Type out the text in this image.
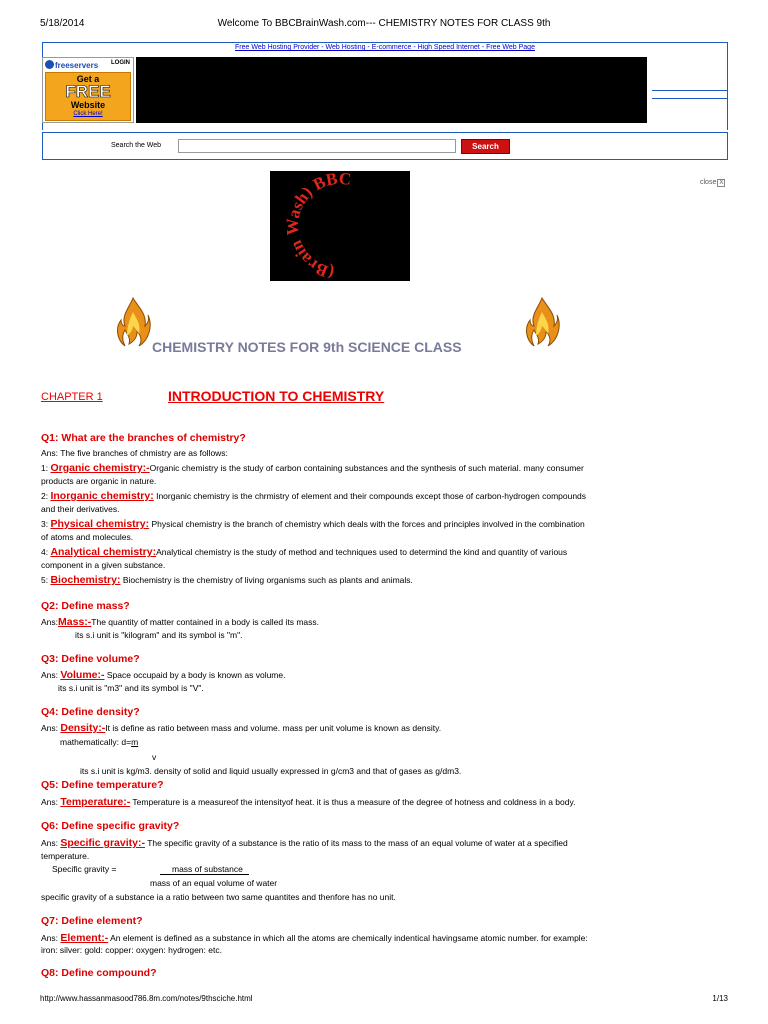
5/18/2014	Welcome To BBCBrainWash.com--- CHEMISTRY NOTES FOR CLASS 9th
Free Web Hosting Provider - Web Hosting - E-commerce - High Speed Internet - Free Web Page
freeservers LOGIN
Get a
FREE
Website
Click Here!
Search the Web	Search
(Brain Wash) BBC	close X
CHEMISTRY NOTES FOR 9th SCIENCE CLASS
CHAPTER 1	INTRODUCTION TO CHEMISTRY
Q1: What are the branches of chemistry?
Ans: The five branches of chmistry are as follows:
1: Organic chemistry:-Organic chemistry is the study of carbon containing substances and the synthesis of such material. many consumer
products are organic in nature.
2: Inorganic chemistry: Inorganic chemistry is the chrmistry of element and their compounds except those of carbon-hydrogen compounds
and their derivatives.
3: Physical chemistry: Physical chemistry is the branch of chemistry which deals with the forces and principles involved in the combination
of atoms and molecules.
4: Analytical chemistry:Analytical chemistry is the study of method and techniques used to determind the kind and quantity of various
component in a given substance.
5: Biochemistry: Biochemistry is the chemistry of living organisms such as plants and animals.
Q2: Define mass?
Ans:Mass:-The quantity of matter contained in a body is called its mass.
its s.i unit is "kilogram" and its symbol is "m".
Q3: Define volume?
Ans: Volume:- Space occupaid by a body is known as volume.
its s.i unit is "m3" and its symbol is "V".
Q4: Define density?
Ans: Density:-It is define as ratio between mass and volume. mass per unit volume is known as density.
mathematically: d=m
v
its s.i unit is kg/m3. density of solid and liquid usually expressed in g/cm3 and that of gases as g/dm3.
Q5: Define temperature?
Ans: Temperature:- Temperature is a measureof the intensityof heat. it is thus a measure of the degree of hotness and coldness in a body.
Q6: Define specific gravity?
Ans: Specific gravity:- The specific gravity of a substance is the ratio of its mass to the mass of an equal volume of water at a specified
temperature.
Specific gravity =	mass of substance
mass of an equal volume of water
specific gravity of a substance ia a ratio between two same quantites and thenfore has no unit.
Q7: Define element?
Ans: Element:- An element is defined as a substance in which all the atoms are chemically indentical havingsame atomic number. for example:
iron: silver: gold: copper: oxygen: hydrogen: etc.
Q8: Define compound?
http://www.hassanmasood786.8m.com/notes/9thsciche.html	1/13
